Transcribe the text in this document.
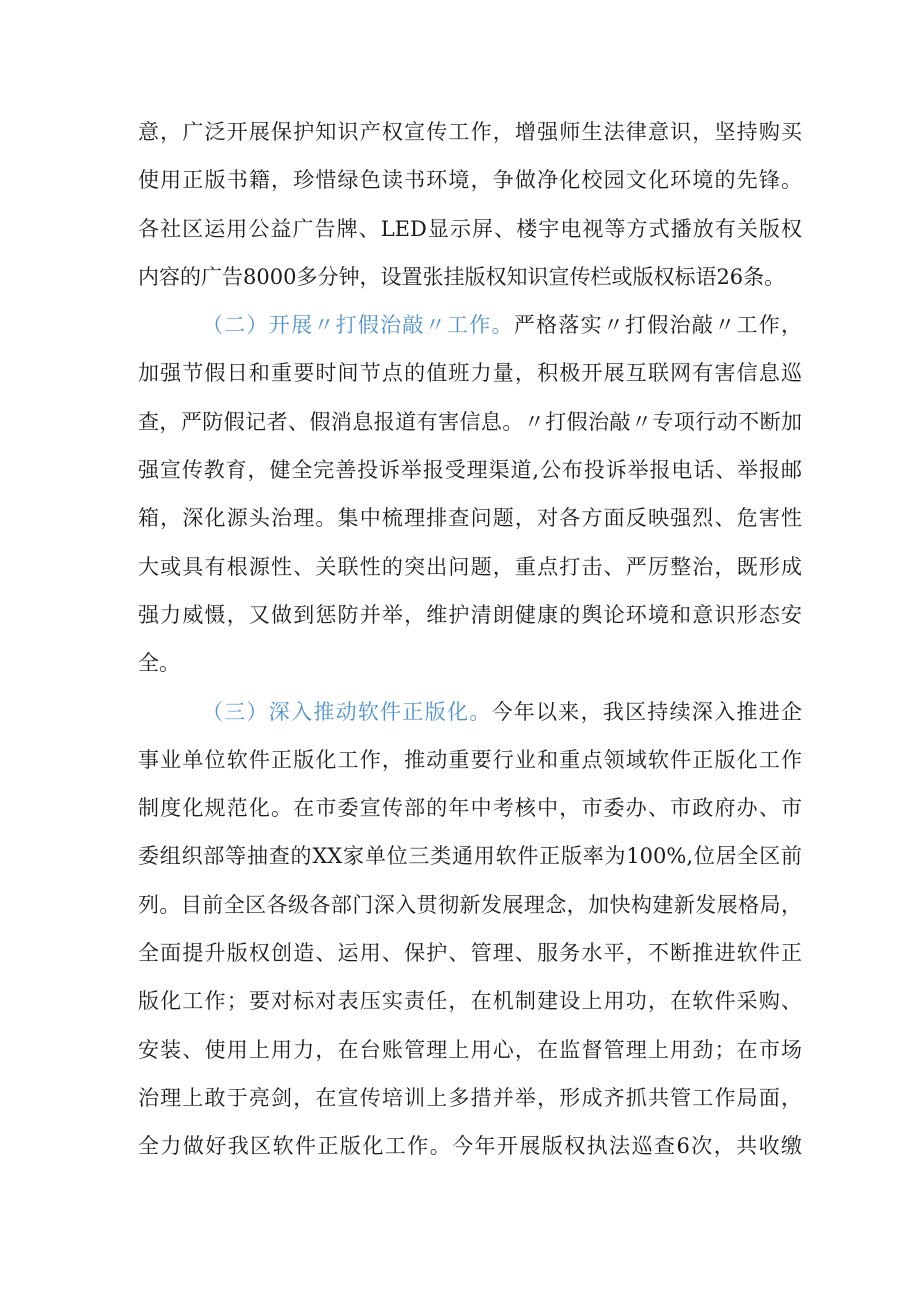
意，广泛开展保护知识产权宣传工作，增强师生法律意识，坚持购买
使用正版书籍，珍惜绿色读书环境，争做净化校园文化环境的先锋。
各社区运用公益广告牌、LED显示屏、楼宇电视等方式播放有关版权
内容的广告8000多分钟，设置张挂版权知识宣传栏或版权标语26条。
（二）开展〃打假治敲〃工作。严格落实〃打假治敲〃工作，
加强节假日和重要时间节点的值班力量，积极开展互联网有害信息巡
查，严防假记者、假消息报道有害信息。〃打假治敲〃专项行动不断加
强宣传教育，健全完善投诉举报受理渠道,公布投诉举报电话、举报邮
箱，深化源头治理。集中梳理排查问题，对各方面反映强烈、危害性
大或具有根源性、关联性的突出问题，重点打击、严厉整治，既形成
强力威慑，又做到惩防并举，维护清朗健康的舆论环境和意识形态安
全。
（三）深入推动软件正版化。今年以来，我区持续深入推进企
事业单位软件正版化工作，推动重要行业和重点领域软件正版化工作
制度化规范化。在市委宣传部的年中考核中，市委办、市政府办、市
委组织部等抽查的XX家单位三类通用软件正版率为100%,位居全区前
列。目前全区各级各部门深入贯彻新发展理念，加快构建新发展格局，
全面提升版权创造、运用、保护、管理、服务水平，不断推进软件正
版化工作；要对标对表压实责任，在机制建设上用功，在软件采购、
安装、使用上用力，在台账管理上用心，在监督管理上用劲；在市场
治理上敢于亮剑，在宣传培训上多措并举，形成齐抓共管工作局面，
全力做好我区软件正版化工作。今年开展版权执法巡查6次，共收缴
